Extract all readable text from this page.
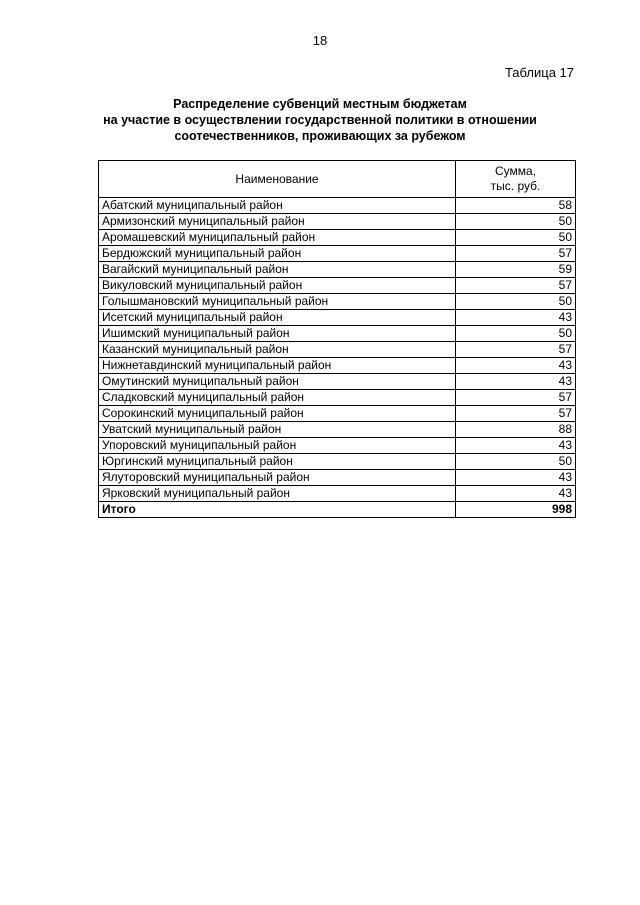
18
Таблица 17
Распределение субвенций местным бюджетам
на участие в осуществлении государственной политики в отношении
соотечественников, проживающих за рубежом
Наименование	Сумма,
тыс. руб.

Абатский муниципальный район	58
Армизонский муниципальный район	50
Аромашевский муниципальный район	50
Бердюжский муниципальный район	57
Вагайский муниципальный район	59
Викуловский муниципальный район	57
Голышмановский муниципальный район	50
Исетский муниципальный район	43
Ишимский муниципальный район	50
Казанский муниципальный район	57
Нижнетавдинский муниципальный район	43
Омутинский муниципальный район	43
Сладковский муниципальный район	57
Сорокинский муниципальный район	57
Уватский муниципальный район	88
Упоровский муниципальный район	43
Юргинский муниципальный район	50
Ялуторовский муниципальный район	43
Ярковский муниципальный район	43
Итого	998
